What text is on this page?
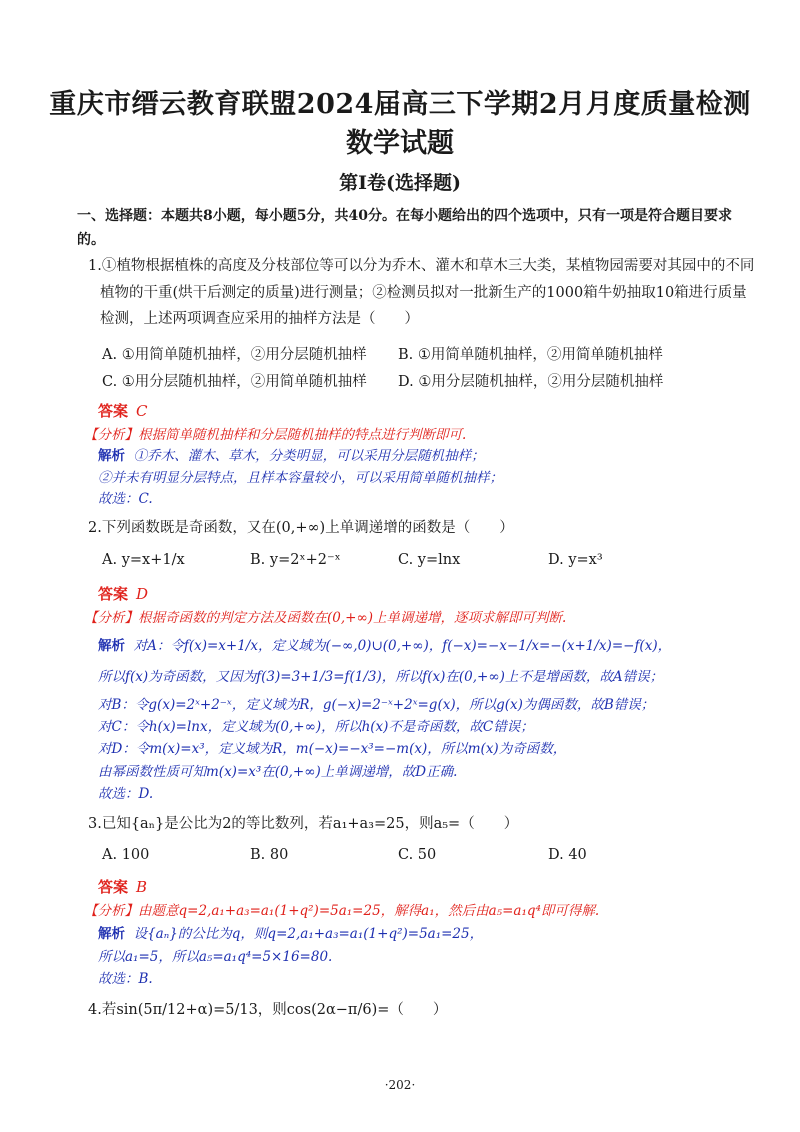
重庆市缙云教育联盟2024届高三下学期2月月度质量检测
数学试题
第Ⅰ卷(选择题)
一、选择题：本题共8小题，每小题5分，共40分。在每小题给出的四个选项中，只有一项是符合题目要求
的。
1.①植物根据植株的高度及分枝部位等可以分为乔木、灌木和草木三大类，某植物园需要对其园中的不同
植物的干重(烘干后测定的质量)进行测量；②检测员拟对一批新生产的1000箱牛奶抽取10箱进行质量
检测，上述两项调查应采用的抽样方法是（　　）
A. ①用简单随机抽样，②用分层随机抽样 B. ①用简单随机抽样，②用简单随机抽样
C. ①用分层随机抽样，②用简单随机抽样 D. ①用分层随机抽样，②用分层随机抽样
答案 C
【分析】根据简单随机抽样和分层随机抽样的特点进行判断即可.
解析 ①乔木、灌木、草木，分类明显，可以采用分层随机抽样；
②并未有明显分层特点，且样本容量较小，可以采用简单随机抽样；
故选：C.
2.下列函数既是奇函数，又在(0,+∞)上单调递增的函数是（　　）
A. y=x+1/x	B. y=2ˣ+2⁻ˣ	C. y=lnx	D. y=x³
答案 D
【分析】根据奇函数的判定方法及函数在(0,+∞)上单调递增，逐项求解即可判断.
解析 对A：令f(x)=x+1/x，定义域为(−∞,0)∪(0,+∞)，f(−x)=−x−1/x=−(x+1/x)=−f(x)，
所以f(x)为奇函数，又因为f(3)=3+1/3=f(1/3)，所以f(x)在(0,+∞)上不是增函数，故A错误；
对B：令g(x)=2ˣ+2⁻ˣ，定义域为R，g(−x)=2⁻ˣ+2ˣ=g(x)，所以g(x)为偶函数，故B错误；
对C：令h(x)=lnx，定义域为(0,+∞)，所以h(x)不是奇函数，故C错误；
对D：令m(x)=x³，定义域为R，m(−x)=−x³=−m(x)，所以m(x)为奇函数，
由幂函数性质可知m(x)=x³在(0,+∞)上单调递增，故D正确.
故选：D.
3.已知{aₙ}是公比为2的等比数列，若a₁+a₃=25，则a₅=（　　）
A. 100	B. 80	C. 50	D. 40
答案 B
【分析】由题意q=2,a₁+a₃=a₁(1+q²)=5a₁=25，解得a₁，然后由a₅=a₁q⁴即可得解.
解析 设{aₙ}的公比为q，则q=2,a₁+a₃=a₁(1+q²)=5a₁=25，
所以a₁=5，所以a₅=a₁q⁴=5×16=80.
故选：B.
4.若sin(5π/12+α)=5/13，则cos(2α−π/6)=（　　）
·202·
